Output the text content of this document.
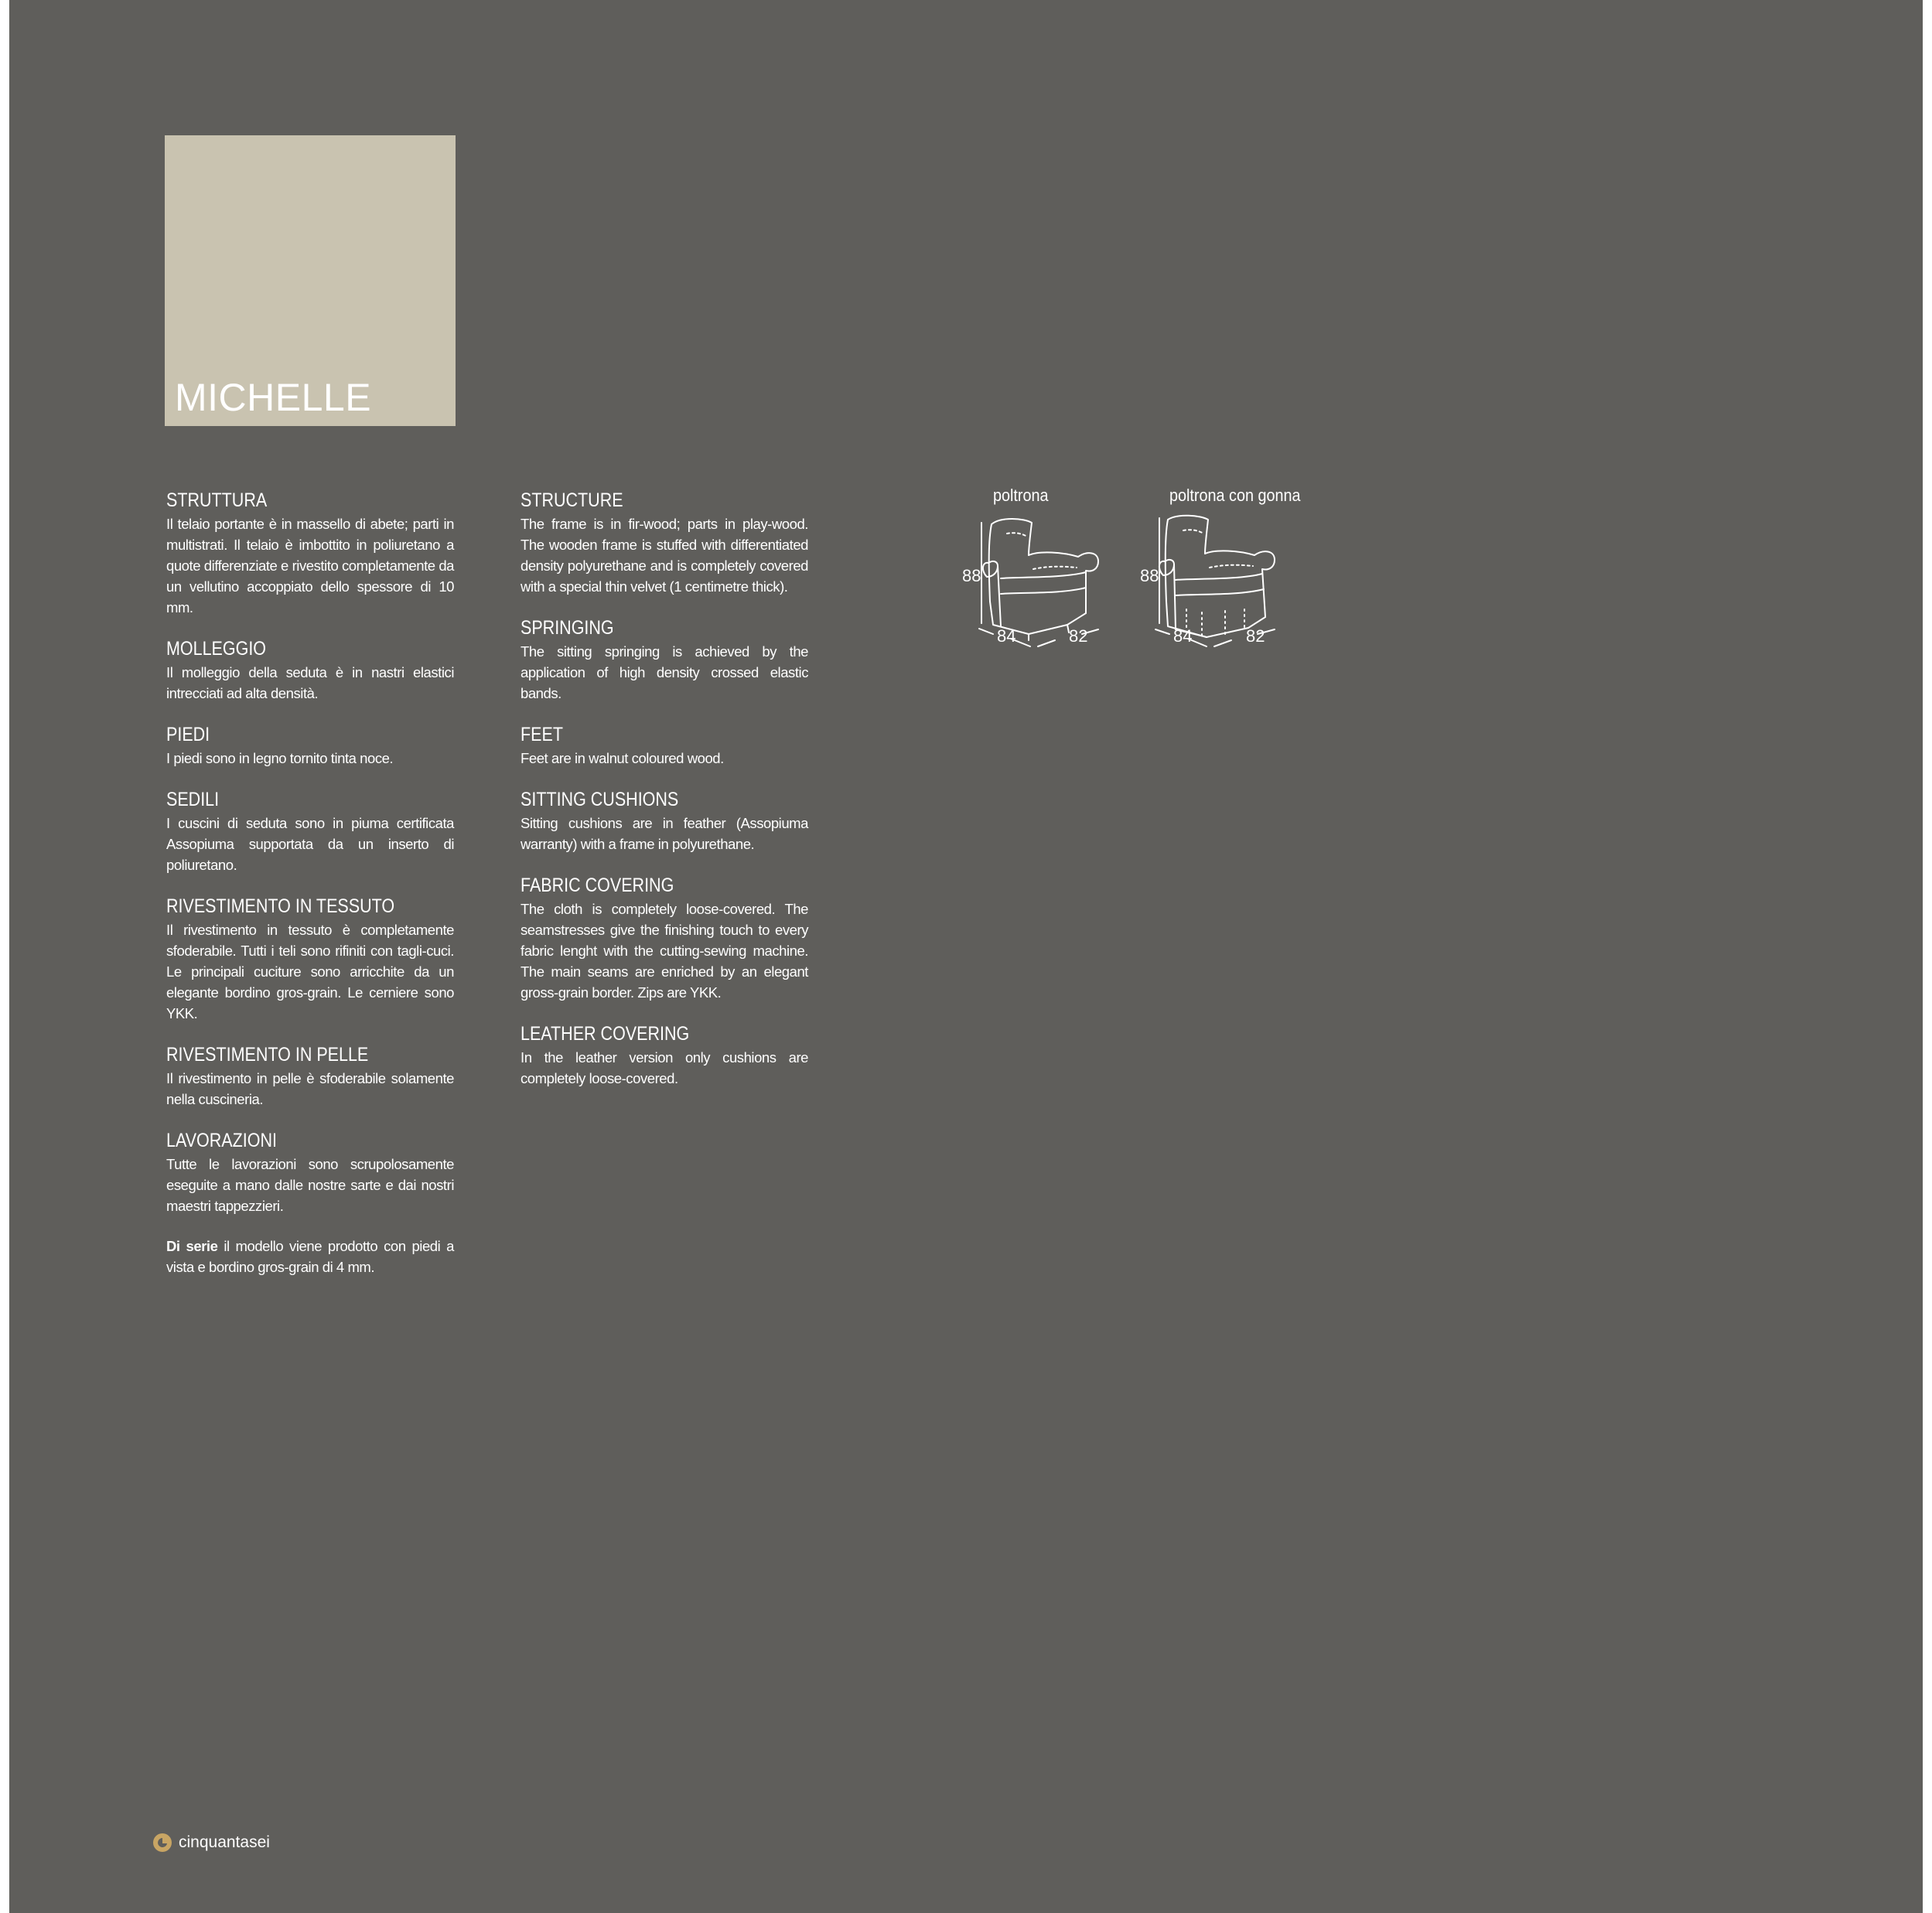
MICHELLE
STRUTTURA

Il telaio portante è in massello di abete; parti in multistrati. Il telaio è imbottito in poliuretano a quote differenziate e rivestito completamente da un vellutino accoppiato dello spessore di 10 mm.

MOLLEGGIO

Il molleggio della seduta è in nastri elastici intrecciati ad alta densità.

PIEDI

I piedi sono in legno tornito tinta noce.

SEDILI

I cuscini di seduta sono in piuma certificata Assopiuma supportata da un inserto di poliuretano.

RIVESTIMENTO IN TESSUTO

Il rivestimento in tessuto è completamente sfoderabile. Tutti i teli sono rifiniti con tagli-cuci. Le principali cuciture sono arricchite da un elegante bordino gros-grain. Le cerniere sono YKK.

RIVESTIMENTO IN PELLE

Il rivestimento in pelle è sfoderabile solamente nella cuscineria.

LAVORAZIONI

Tutte le lavorazioni sono scrupolosamente eseguite a mano dalle nostre sarte e dai nostri maestri tappezzieri.

Di serie il modello viene prodotto con piedi a vista e bordino gros-grain di 4 mm.

STRUCTURE

The frame is in fir-wood; parts in play-wood. The wooden frame is stuffed with differentiated density polyurethane and is completely covered with a special thin velvet (1 centimetre thick).

SPRINGING

The sitting springing is achieved by the application of high density crossed elastic bands.

FEET

Feet are in walnut coloured wood.

SITTING CUSHIONS

Sitting cushions are in feather (Assopiuma warranty) with a frame in polyurethane.

FABRIC COVERING

The cloth is completely loose-covered. The seamstresses give the finishing touch to every fabric lenght with the cutting-sewing machine. The main seams are enriched by an elegant gross-grain border. Zips are YKK.

LEATHER COVERING

In the leather version only cushions are completely loose-covered.

poltrona
88
84	82
poltrona con gonna
88
84	82
cinquantasei
